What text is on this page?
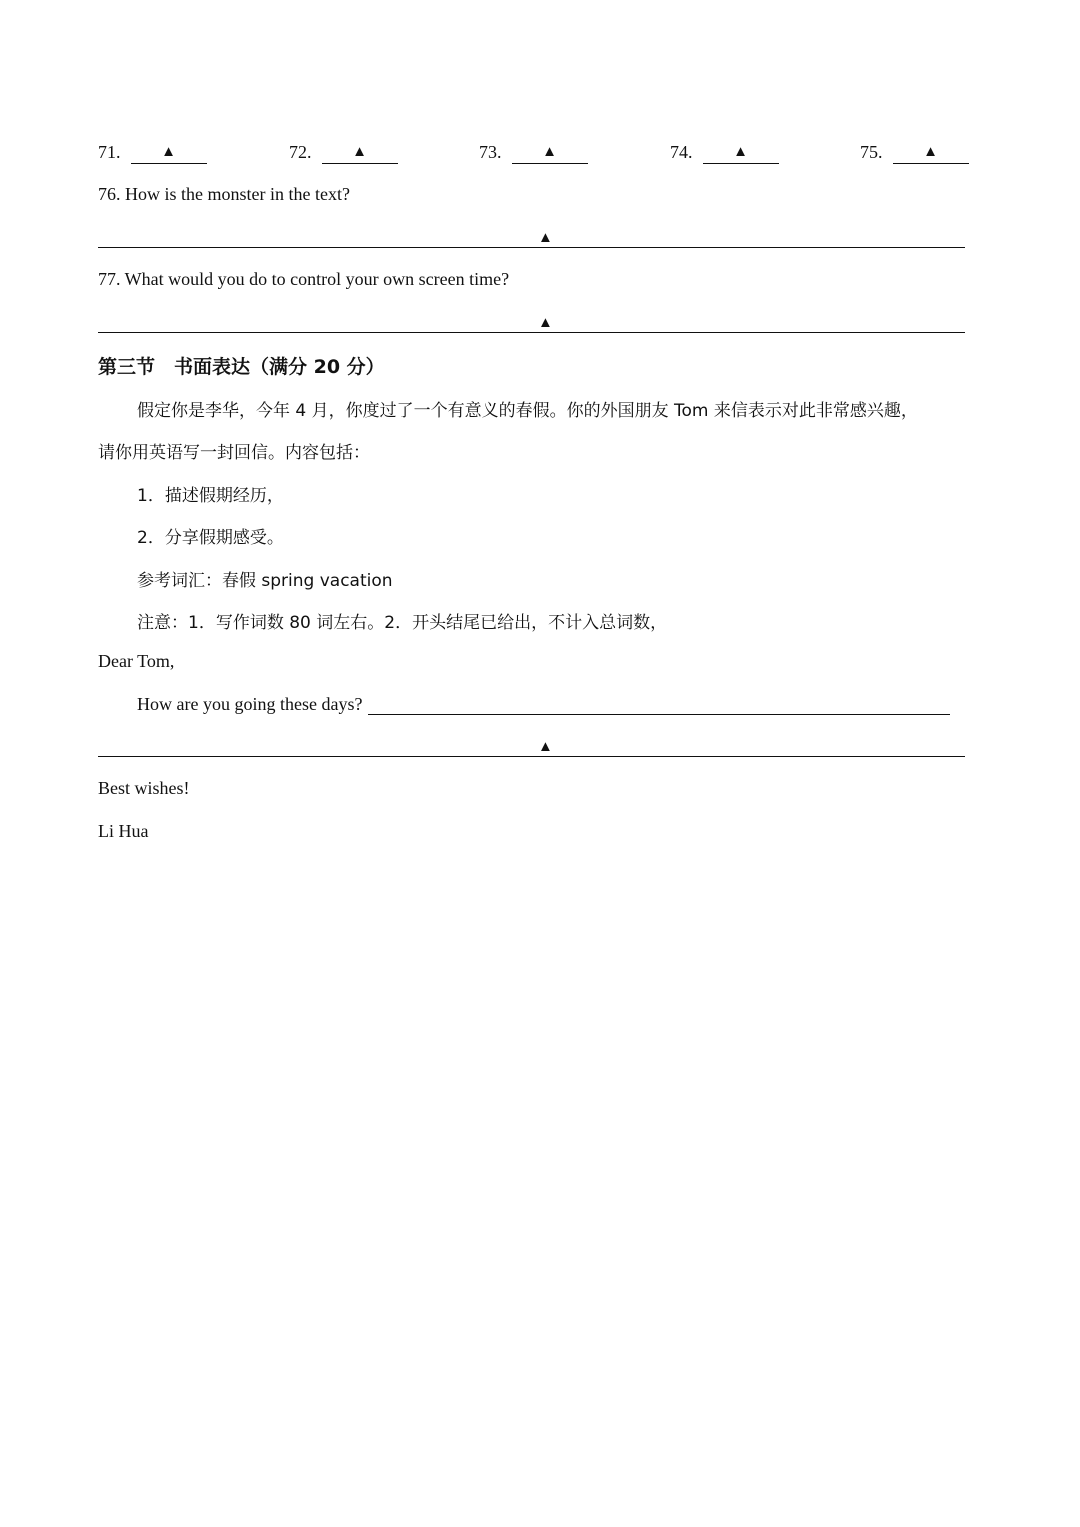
71.	▲	72.	▲	73.	▲	74.	▲	75.	▲
76. How is the monster in the text?
▲
77. What would you do to control your own screen time?
▲
第三节　书面表达（满分 20 分）
假定你是李华，今年 4 月，你度过了一个有意义的春假。你的外国朋友 Tom 来信表示对此非常感兴趣，
请你用英语写一封回信。内容包括：
1．描述假期经历，
2．分享假期感受。
参考词汇：春假 spring vacation
注意：1．写作词数 80 词左右。2．开头结尾已给出，不计入总词数，
Dear Tom,
How are you going these days?
▲
Best wishes!
Li Hua
